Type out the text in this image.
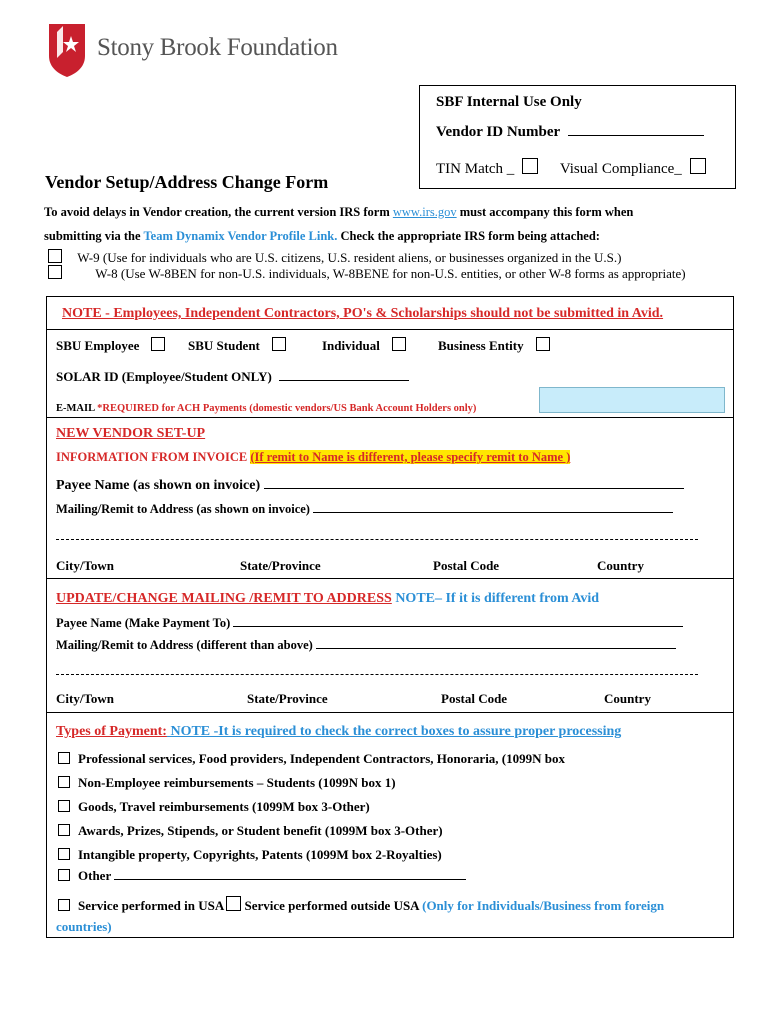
Stony Brook Foundation
SBF Internal Use Only
Vendor ID Number
TIN Match _	Visual Compliance_
Vendor Setup/Address Change Form
To avoid delays in Vendor creation, the current version IRS form www.irs.gov must accompany this form when
submitting via the Team Dynamix Vendor Profile Link. Check the appropriate IRS form being attached:
W-9 (Use for individuals who are U.S. citizens, U.S. resident aliens, or businesses organized in the U.S.)
W-8 (Use W-8BEN for non-U.S. individuals, W-8BENE for non-U.S. entities, or other W-8 forms as appropriate)
NOTE - Employees, Independent Contractors, PO's & Scholarships should not be submitted in Avid.
SBU Employee	SBU Student	Individual	Business Entity
SOLAR ID (Employee/Student ONLY)
E-MAIL *REQUIRED for ACH Payments (domestic vendors/US Bank Account Holders only)
NEW VENDOR SET-UP
INFORMATION FROM INVOICE (If remit to Name is different, please specify remit to Name )
Payee Name (as shown on invoice)
Mailing/Remit to Address (as shown on invoice)
City/Town	State/Province	Postal Code	Country
UPDATE/CHANGE MAILING /REMIT TO ADDRESS NOTE– If it is different from Avid
Payee Name (Make Payment To)
Mailing/Remit to Address (different than above)
City/Town	State/Province	Postal Code	Country
Types of Payment: NOTE -It is required to check the correct boxes to assure proper processing
Professional services, Food providers, Independent Contractors, Honoraria, (1099N box
Non-Employee reimbursements – Students (1099N box 1)
Goods, Travel reimbursements (1099M box 3-Other)
Awards, Prizes, Stipends, or Student benefit (1099M box 3-Other)
Intangible property, Copyrights, Patents (1099M box 2-Royalties)
Other
Service performed in USA Service performed outside USA (Only for Individuals/Business from foreign
countries)
